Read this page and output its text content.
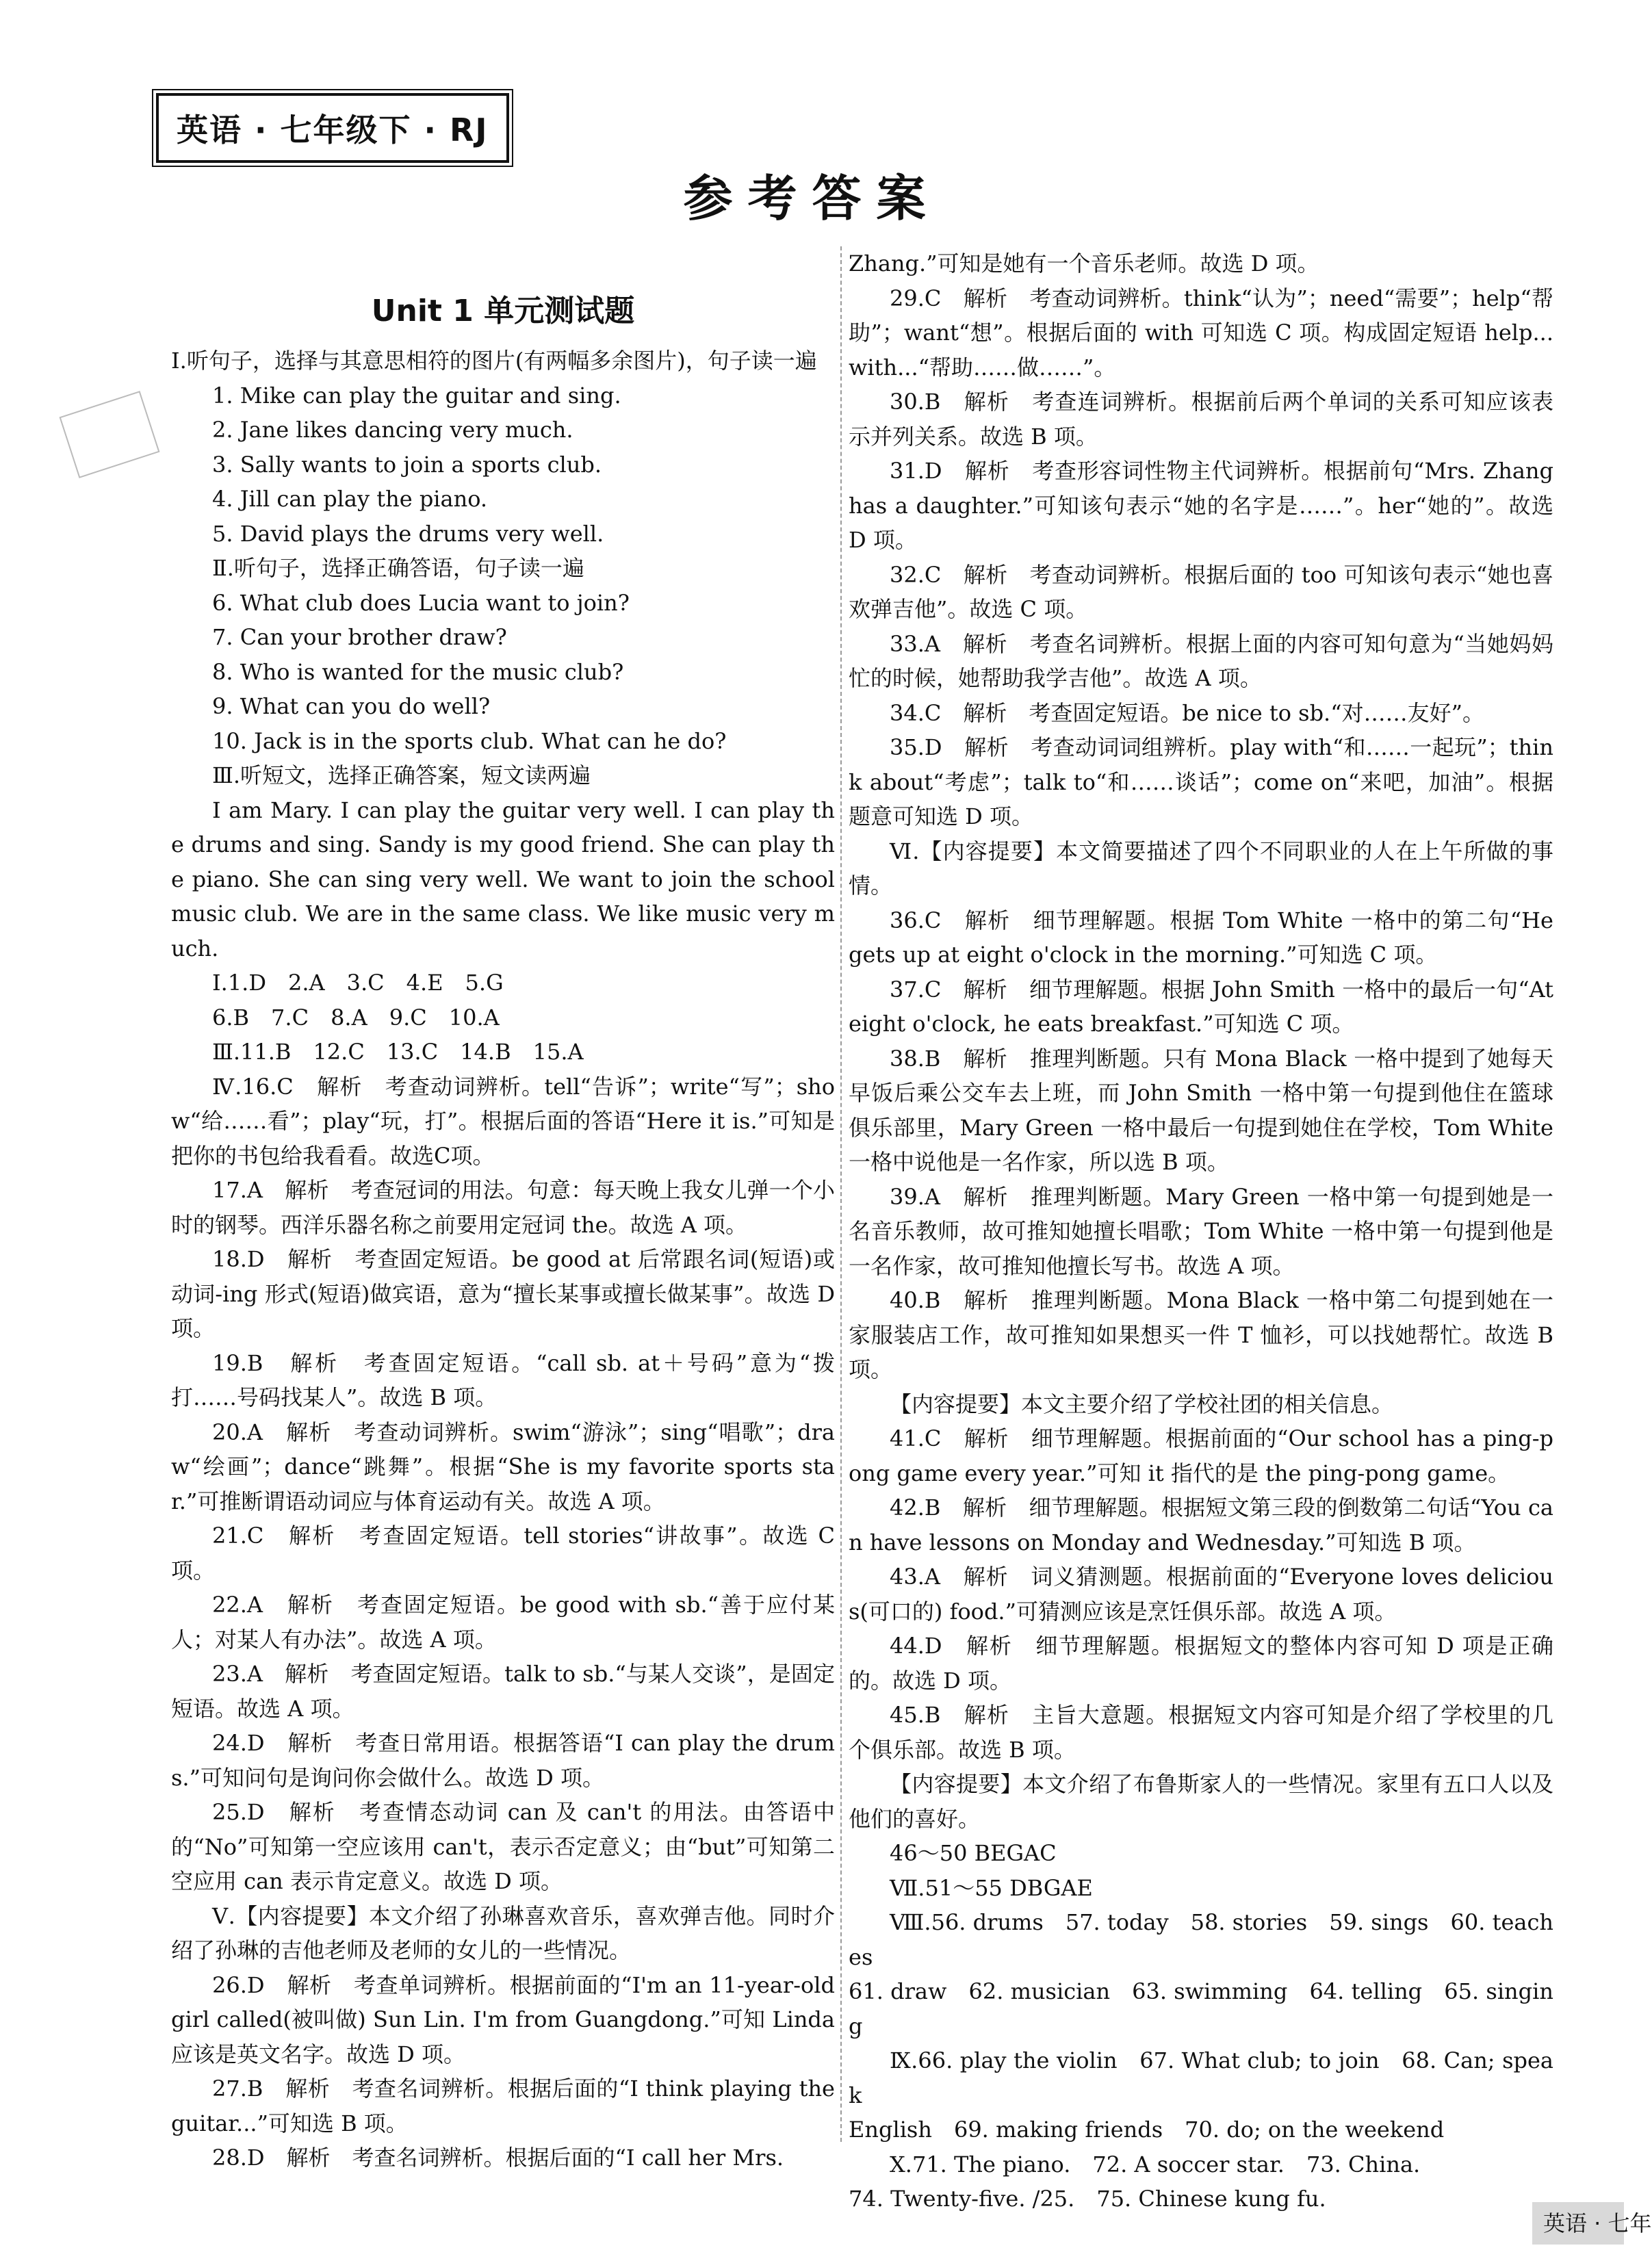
英语 · 七年级下 · RJ
参考答案
Unit 1 单元测试题

Ⅰ.听句子，选择与其意思相符的图片(有两幅多余图片)，句子读一遍

1. Mike can play the guitar and sing.

2. Jane likes dancing very much.

3. Sally wants to join a sports club.

4. Jill can play the piano.

5. David plays the drums very well.

Ⅱ.听句子，选择正确答语，句子读一遍

6. What club does Lucia want to join?

7. Can your brother draw?

8. Who is wanted for the music club?

9. What can you do well?

10. Jack is in the sports club. What can he do?

Ⅲ.听短文，选择正确答案，短文读两遍

I am Mary. I can play the guitar very well. I can play the drums and sing. Sandy is my good friend. She can play the piano. She can sing very well. We want to join the school music club. We are in the same class. We like music very much.

Ⅰ.1.D　2.A　3.C　4.E　5.G

6.B　7.C　8.A　9.C　10.A

Ⅲ.11.B　12.C　13.C　14.B　15.A

Ⅳ.16.C　解析　考查动词辨析。tell“告诉”；write“写”；show“给……看”；play“玩，打”。根据后面的答语“Here it is.”可知是把你的书包给我看看。故选C项。

17.A　解析　考查冠词的用法。句意：每天晚上我女儿弹一个小时的钢琴。西洋乐器名称之前要用定冠词 the。故选 A 项。

18.D　解析　考查固定短语。be good at 后常跟名词(短语)或动词-ing 形式(短语)做宾语，意为“擅长某事或擅长做某事”。故选 D 项。

19.B　解析　考查固定短语。“call sb. at＋号码”意为“拨打……号码找某人”。故选 B 项。

20.A　解析　考查动词辨析。swim“游泳”；sing“唱歌”；draw“绘画”；dance“跳舞”。根据“She is my favorite sports star.”可推断谓语动词应与体育运动有关。故选 A 项。

21.C　解析　考查固定短语。tell stories“讲故事”。故选 C 项。

22.A　解析　考查固定短语。be good with sb.“善于应付某人；对某人有办法”。故选 A 项。

23.A　解析　考查固定短语。talk to sb.“与某人交谈”，是固定短语。故选 A 项。

24.D　解析　考查日常用语。根据答语“I can play the drums.”可知问句是询问你会做什么。故选 D 项。

25.D　解析　考查情态动词 can 及 can't 的用法。由答语中的“No”可知第一空应该用 can't，表示否定意义；由“but”可知第二空应用 can 表示肯定意义。故选 D 项。

Ⅴ.【内容提要】本文介绍了孙琳喜欢音乐，喜欢弹吉他。同时介绍了孙琳的吉他老师及老师的女儿的一些情况。

26.D　解析　考查单词辨析。根据前面的“I'm an 11-year-old girl called(被叫做) Sun Lin. I'm from Guangdong.”可知 Linda 应该是英文名字。故选 D 项。

27.B　解析　考查名词辨析。根据后面的“I think playing the guitar...”可知选 B 项。

28.D　解析　考查名词辨析。根据后面的“I call her Mrs.

Zhang.”可知是她有一个音乐老师。故选 D 项。

29.C　解析　考查动词辨析。think“认为”；need“需要”；help“帮助”；want“想”。根据后面的 with 可知选 C 项。构成固定短语 help... with...“帮助……做……”。

30.B　解析　考查连词辨析。根据前后两个单词的关系可知应该表示并列关系。故选 B 项。

31.D　解析　考查形容词性物主代词辨析。根据前句“Mrs. Zhang has a daughter.”可知该句表示“她的名字是……”。her“她的”。故选 D 项。

32.C　解析　考查动词辨析。根据后面的 too 可知该句表示“她也喜欢弹吉他”。故选 C 项。

33.A　解析　考查名词辨析。根据上面的内容可知句意为“当她妈妈忙的时候，她帮助我学吉他”。故选 A 项。

34.C　解析　考查固定短语。be nice to sb.“对……友好”。

35.D　解析　考查动词词组辨析。play with“和……一起玩”；think about“考虑”；talk to“和……谈话”；come on“来吧，加油”。根据题意可知选 D 项。

Ⅵ.【内容提要】本文简要描述了四个不同职业的人在上午所做的事情。

36.C　解析　细节理解题。根据 Tom White 一格中的第二句“He gets up at eight o'clock in the morning.”可知选 C 项。

37.C　解析　细节理解题。根据 John Smith 一格中的最后一句“At eight o'clock, he eats breakfast.”可知选 C 项。

38.B　解析　推理判断题。只有 Mona Black 一格中提到了她每天早饭后乘公交车去上班，而 John Smith 一格中第一句提到他住在篮球俱乐部里，Mary Green 一格中最后一句提到她住在学校，Tom White 一格中说他是一名作家，所以选 B 项。

39.A　解析　推理判断题。Mary Green 一格中第一句提到她是一名音乐教师，故可推知她擅长唱歌；Tom White 一格中第一句提到他是一名作家，故可推知他擅长写书。故选 A 项。

40.B　解析　推理判断题。Mona Black 一格中第二句提到她在一家服装店工作，故可推知如果想买一件 T 恤衫，可以找她帮忙。故选 B 项。

【内容提要】本文主要介绍了学校社团的相关信息。

41.C　解析　细节理解题。根据前面的“Our school has a ping-pong game every year.”可知 it 指代的是 the ping-pong game。

42.B　解析　细节理解题。根据短文第三段的倒数第二句话“You can have lessons on Monday and Wednesday.”可知选 B 项。

43.A　解析　词义猜测题。根据前面的“Everyone loves delicious(可口的) food.”可猜测应该是烹饪俱乐部。故选 A 项。

44.D　解析　细节理解题。根据短文的整体内容可知 D 项是正确的。故选 D 项。

45.B　解析　主旨大意题。根据短文内容可知是介绍了学校里的几个俱乐部。故选 B 项。

【内容提要】本文介绍了布鲁斯家人的一些情况。家里有五口人以及他们的喜好。

46～50 BEGAC

Ⅶ.51～55 DBGAE

Ⅷ.56. drums　57. today　58. stories　59. sings　60. teaches

61. draw　62. musician　63. swimming　64. telling　65. singing

Ⅸ.66. play the violin　67. What club; to join　68. Can; speak

English　69. making friends　70. do; on the weekend

Ⅹ.71. The piano.　72. A soccer star.　73. China.

74. Twenty-five. /25.　75. Chinese kung fu.

英语 · 七年
